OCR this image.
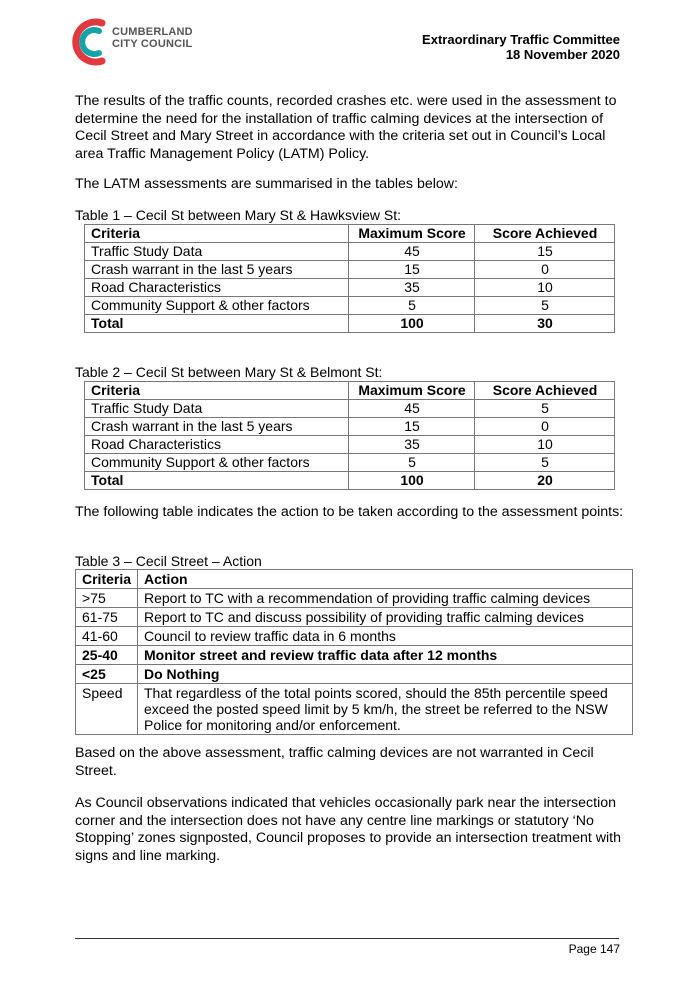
CUMBERLAND
CITY COUNCIL	Extraordinary Traffic Committee
18 November 2020
The results of the traffic counts, recorded crashes etc. were used in the assessment to determine the need for the installation of traffic calming devices at the intersection of Cecil Street and Mary Street in accordance with the criteria set out in Council’s Local area Traffic Management Policy (LATM) Policy.
The LATM assessments are summarised in the tables below:
Table 1 – Cecil St between Mary St & Hawksview St:
Criteria	Maximum Score	Score Achieved
Traffic Study Data	45	15
Crash warrant in the last 5 years	15	0
Road Characteristics	35	10
Community Support & other factors	5	5
Total	100	30
Table 2 – Cecil St between Mary St & Belmont St:
Criteria	Maximum Score	Score Achieved
Traffic Study Data	45	5
Crash warrant in the last 5 years	15	0
Road Characteristics	35	10
Community Support & other factors	5	5
Total	100	20
The following table indicates the action to be taken according to the assessment points:
Table 3 – Cecil Street – Action
Criteria	Action
>75	Report to TC with a recommendation of providing traffic calming devices
61-75	Report to TC and discuss possibility of providing traffic calming devices
41-60	Council to review traffic data in 6 months
25-40	Monitor street and review traffic data after 12 months
<25	Do Nothing
Speed	That regardless of the total points scored, should the 85th percentile speed exceed the posted speed limit by 5 km/h, the street be referred to the NSW Police for monitoring and/or enforcement.
Based on the above assessment, traffic calming devices are not warranted in Cecil Street.
As Council observations indicated that vehicles occasionally park near the intersection corner and the intersection does not have any centre line markings or statutory ‘No Stopping’ zones signposted, Council proposes to provide an intersection treatment with signs and line marking.
Page 147
